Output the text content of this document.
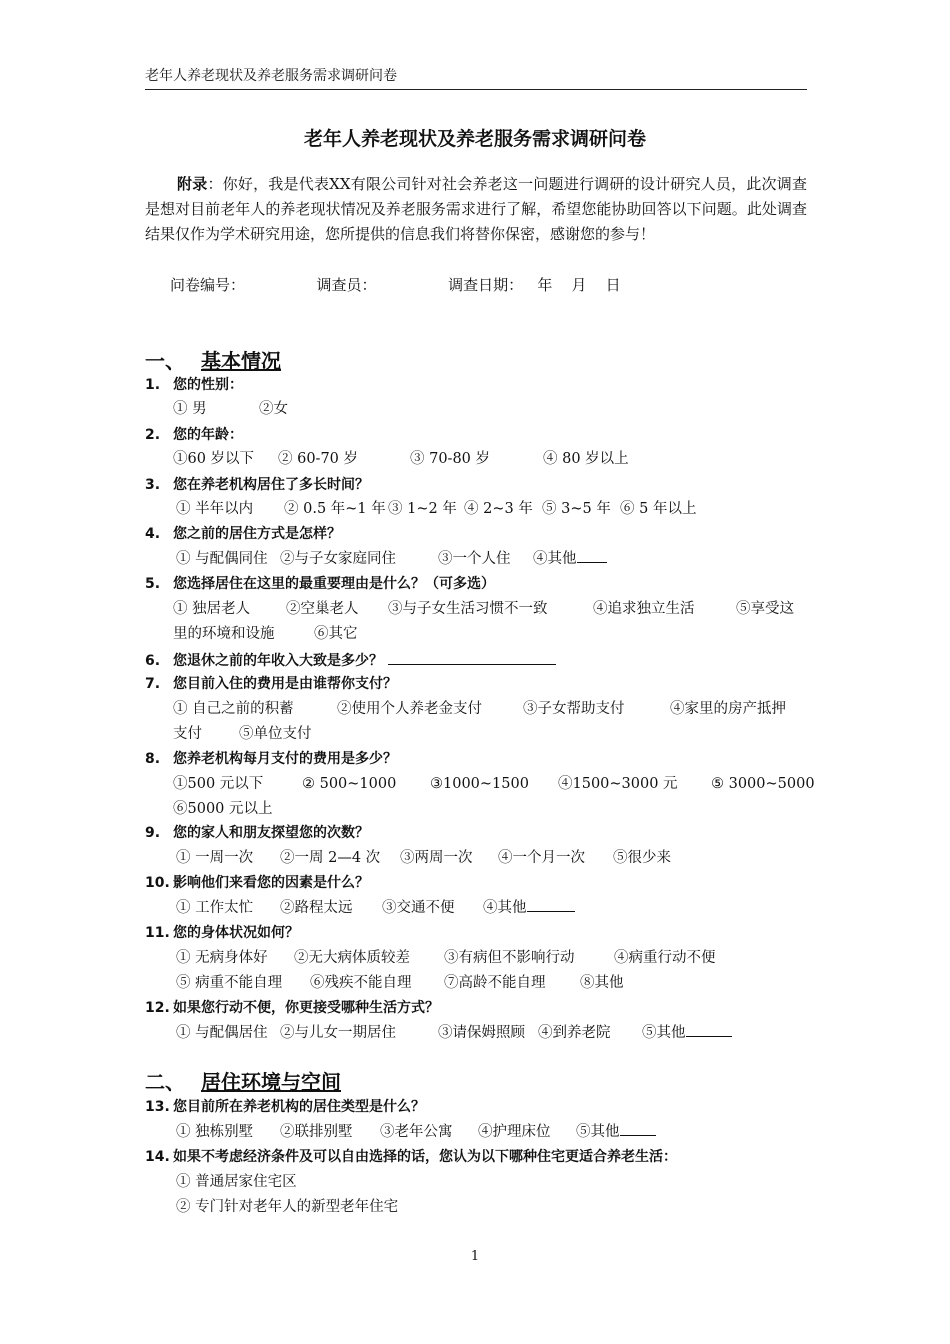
老年人养老现状及养老服务需求调研问卷
老年人养老现状及养老服务需求调研问卷
附录：你好，我是代表XX有限公司针对社会养老这一问题进行调研的设计研究人员，此次调查是想对目前老年人的养老现状情况及养老服务需求进行了解，希望您能协助回答以下问题。此处调查结果仅作为学术研究用途，您所提供的信息我们将替你保密，感谢您的参与！
问卷编号：	调查员：	调查日期： 年    月    日
一、 基本情况
1. 您的性别：
① 男	②女
2. 您的年龄：
①60 岁以下 ② 60-70 岁	③ 70-80 岁	④ 80 岁以上
3. 您在养老机构居住了多长时间？
① 半年以内 ② 0.5 年~1 年 ③ 1~2 年 ④ 2~3 年 ⑤ 3~5 年 ⑥ 5 年以上
4. 您之前的居住方式是怎样？
① 与配偶同住 ②与子女家庭同住	③一个人住 ④其他
5. 您选择居住在这里的最重要理由是什么？（可多选）
① 独居老人 ②空巢老人 ③与子女生活习惯不一致	④追求独立生活	⑤享受这
里的环境和设施	⑥其它
6. 您退休之前的年收入大致是多少？
7. 您目前入住的费用是由谁帮你支付？
① 自己之前的积蓄	②使用个人养老金支付	③子女帮助支付	④家里的房产抵押
支付	⑤单位支付
8. 您养老机构每月支付的费用是多少？
①500 元以下	② 500~1000 ③1000~1500 ④1500~3000 元 ⑤ 3000~5000
⑥5000 元以上
9. 您的家人和朋友探望您的次数？
① 一周一次 ②一周 2—4 次 ③两周一次 ④一个月一次 ⑤很少来
10. 影响他们来看您的因素是什么？
① 工作太忙 ②路程太远 ③交通不便 ④其他
11. 您的身体状况如何？
① 无病身体好 ②无大病体质较差 ③有病但不影响行动	④病重行动不便
⑤ 病重不能自理 ⑥残疾不能自理 ⑦高龄不能自理 ⑧其他
12. 如果您行动不便，你更接受哪种生活方式？
① 与配偶居住 ②与儿女一期居住	③请保姆照顾 ④到养老院 ⑤其他
二、 居住环境与空间
13. 您目前所在养老机构的居住类型是什么？
① 独栋别墅 ②联排别墅 ③老年公寓 ④护理床位 ⑤其他
14. 如果不考虑经济条件及可以自由选择的话，您认为以下哪种住宅更适合养老生活：
① 普通居家住宅区
② 专门针对老年人的新型老年住宅
1
